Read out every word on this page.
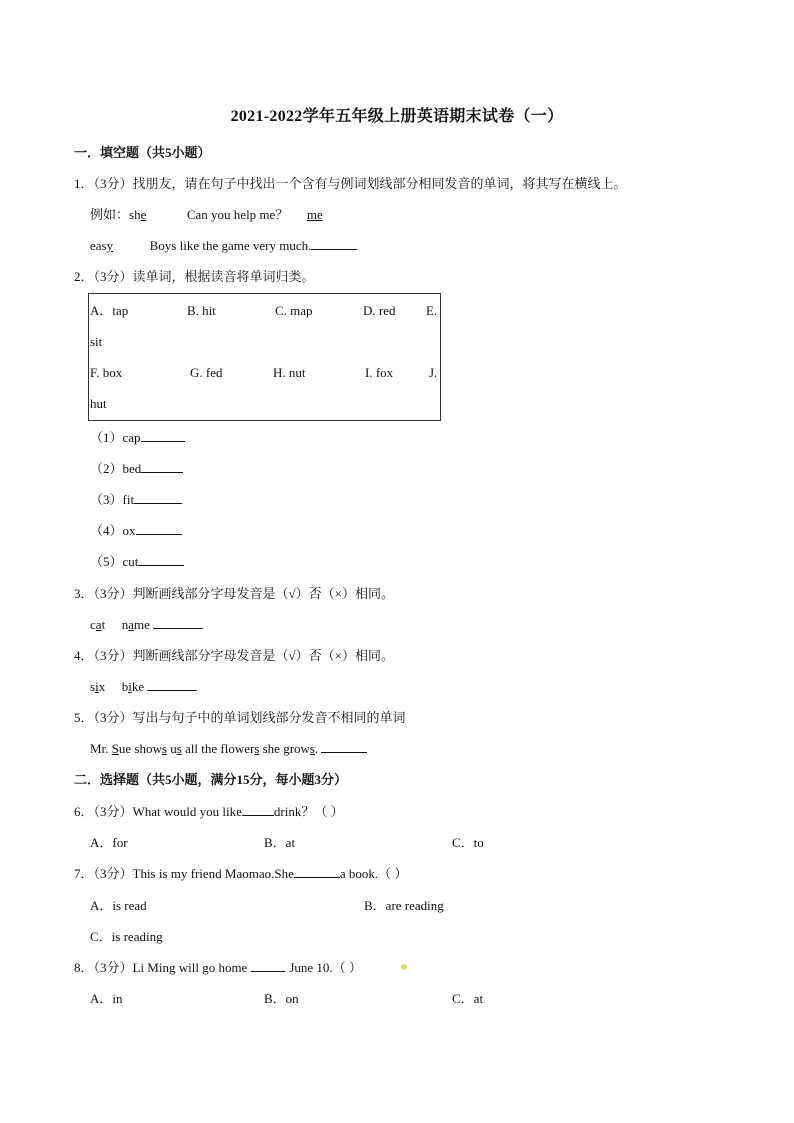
2021-2022学年五年级上册英语期末试卷（一）
一．填空题（共5小题）
1．（3分）找朋友，请在句子中找出一个含有与例词划线部分相同发音的单词，将其写在横线上。
例如：she	Can you help me？ me
easy	Boys like the game very much.
2．（3分）读单词，根据读音将单词归类。
A．tap	B. hit	C. map	D. red E.
sit
F. box	G. fed	H. nut	I. fox	J.
hut
（1）cap
（2）bed
（3）fit
（4）ox
（5）cut
3．（3分）判断画线部分字母发音是（√）否（×）相同。
cat name
4．（3分）判断画线部分字母发音是（√）否（×）相同。
six bike
5．（3分）写出与句子中的单词划线部分发音不相同的单词
Mr. Sue shows us all the flowers she grows.
二．选择题（共5小题，满分15分，每小题3分）
6．（3分）What would you like drink？（ ）
A．for	B．at	C．to
7．（3分）This is my friend Maomao.She	a book.（ ）
A．is read	B．are reading
C．is reading
8．（3分）Li Ming will go home	June 10.（ ）
A．in	B．on	C．at
